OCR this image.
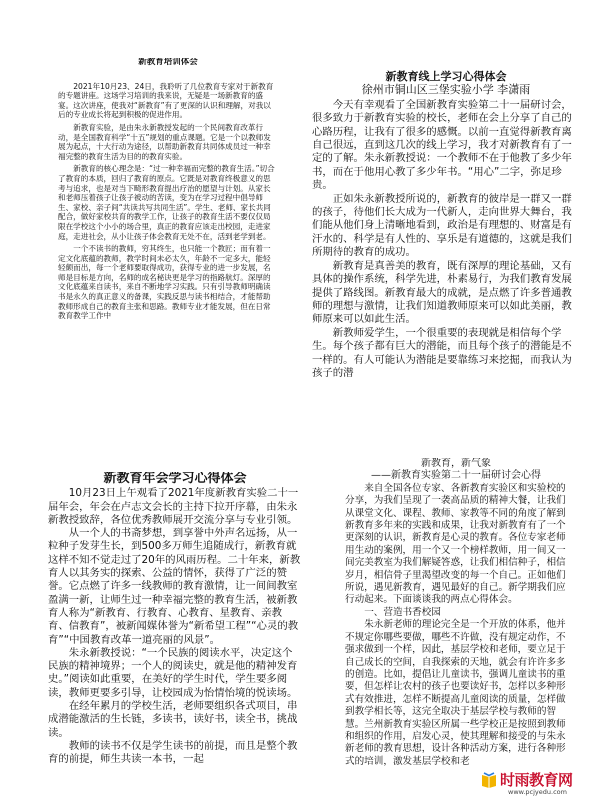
新教育培训体会

2021年10月23、24日，我聆听了几位教育专家对于新教育的专题讲座。这场学习培训的我来说，无疑是一场新教育的盛宴。这次讲座，使我对“新教育”有了更深的认识和理解，对我以后的专业成长将起到积极的促进作用。

新教育实验，是由朱永新教授发起的一个民间教育改革行动，是全国教育科学“十五”规划的重点课题。它是一个以教师发展为起点，十大行动为途径，以帮助新教育共同体成员过一种幸福完整的教育生活为目的的教育实验。

新教育的核心理念是：“过一种幸福而完整的教育生活。”切合了教育的本质，回归了教育的原点。它既是对教育终极意义的思考与追求，也是对当下畸形教育提出疗治的愿望与计划。从家长和老师压着孩子让孩子被动的苦读，变为在学习过程中倡导师生、家校、亲子间“共读共写共同生活”。学生、老师、家长共同配合，做好家校共育的教学工作，让孩子的教育生活不要仅仅局限在学校这个小小的场合里，真正的教育应该走出校园，走进家庭，走进社会，从小让孩子体会教育无处不在，活到老学到老。

一个不读书的教师，穷其终生，也只能一个教匠；而有着一定文化底蕴的教师，教学时间未必太久，年龄不一定多大，能轻轻颇而出，每一个老师要取得成功，获得专业的进一步发展，名师是目标是方向，名师的成名秘诀更是学习的指路航灯。深厚的文化底蕴来自读书，来自不断地学习实践。只有引导教师明确读书是永久的真正意义的备课，实践反思与读书相结合，才能帮助教师形成自己的教育主张和思路。教师专业才能发展，但在日常教育教学工作中

新教育线上学习心得体会
徐州市铜山区三堡实验小学 李潇雨

今天有幸观看了全国新教育实验第二十一届研讨会，很多致力于新教育实验的校长，老师在会上分享了自己的心路历程，让我有了很多的感慨。以前一直觉得新教育离自己很远，直到这几次的线上学习，我才对新教育有了一定的了解。朱永新教授说：一个教师不在于他教了多少年书，而在于他用心教了多少年书。“用心”二字，弥足珍贵。

正如朱永新教授所说的，新教育的彼岸是一群又一群的孩子，待他们长大成为一代新人，走向世界大舞台，我们能从他们身上清晰地看到，政治是有理想的、财富是有汗水的、科学是有人性的、享乐是有道德的，这就是我们所期待的教育的成功。

新教育是真善美的教育，既有深厚的理论基础，又有具体的操作系统，科学先进，朴素易行，为我们教育发展提供了路线图。新教育最大的成就，是点燃了许多普通教师的理想与激情，让我们知道教师原来可以如此美丽，教师原来可以如此生活。

新教师爱学生，一个很重要的表现就是相信每个学生。每个孩子都有巨大的潜能，而且每个孩子的潜能是不一样的。有人可能认为潜能是要靠练习来挖掘，而我认为孩子的潜

新教育年会学习心得体会

10月23日上午观看了2021年度新教育实验二十一届年会，年会在卢志文会长的主持下拉开序幕，由朱永新教授致辞，各位优秀教师展开交流分享与专业引领。

从一个人的书斋梦想，到享誉中外声名远扬，从一粒种子发芽生长，到500多万师生追随成行，新教育就这样不知不觉走过了20年的风雨历程。二十年来，新教育人以其务实的探索、公益的情怀，获得了广泛的赞誉。它点燃了许多一线教师的教育激情，让一间间教室盈满一新，让师生过一种幸福完整的教育生活，被新教育人称为“新教育、行教育、心教育、星教育、亲教育、信教育”，被新闻媒体誉为“新希望工程”“心灵的教育”“中国教育改革一道亮丽的风景”。

朱永新教授说：“一个民族的阅读水平，决定这个民族的精神境界；一个人的阅读史，就是他的精神发育史。”阅读如此重要，在美好的学生时代，学生要多阅读，教师更要多引导，让校园成为怡情怡境的悦读场。

在经年累月的学校生活，老师要组织各式项目，串成潜能激活的生长链，多读书，读好书，读全书，挑战读。

教师的读书不仅是学生读书的前提，而且是整个教育的前提，师生共读一本书，一起

新教育，新气象
——新教育实验第二十一届研讨会心得

来自全国各位专家、各新教育实验区和实验校的分享，为我们呈现了一袭高品质的精神大餐，让我们从课堂文化、课程、教师、家教等不同的角度了解到新教育多年来的实践和成果，让我对新教育有了一个更深刻的认识，新教育是心灵的教育。各位专家老师用生动的案例，用一个又一个榜样教师，用一间又一间完美教室为我们解疑答惑，让我们相信种子，相信岁月，相信骨子里渴望改变的每一个自己。正如他们所说，遇见新教育，遇见最好的自己。新学期我们应行动起来。下面谈谈我的两点心得体会。

一、营造书香校园

朱永新老师的理论完全是一个开放的体系，他并不规定你哪些要做，哪些不许做，没有规定动作，不强求做到一个样，因此，基层学校和老师，要立足于自己成长的空间，自我探索的天地，就会有许许多多的创造。比如，提倡让儿童读书，强调儿童读书的重要，但怎样让农村的孩子也要读好书，怎样以多种形式有效推进，怎样不断提高儿童阅读的质量，怎样做到教学相长等，这完全取决于基层学校与教师的智慧。兰州新教育实验区所属一些学校正是按照到教师和组织的作用，启发心灵，使其理解和接受的与朱永新老师的教育思想，设计各种活动方案，进行各种形式的培训，激发基层学校和老

时雨教育网
www.pcjyedu.com
